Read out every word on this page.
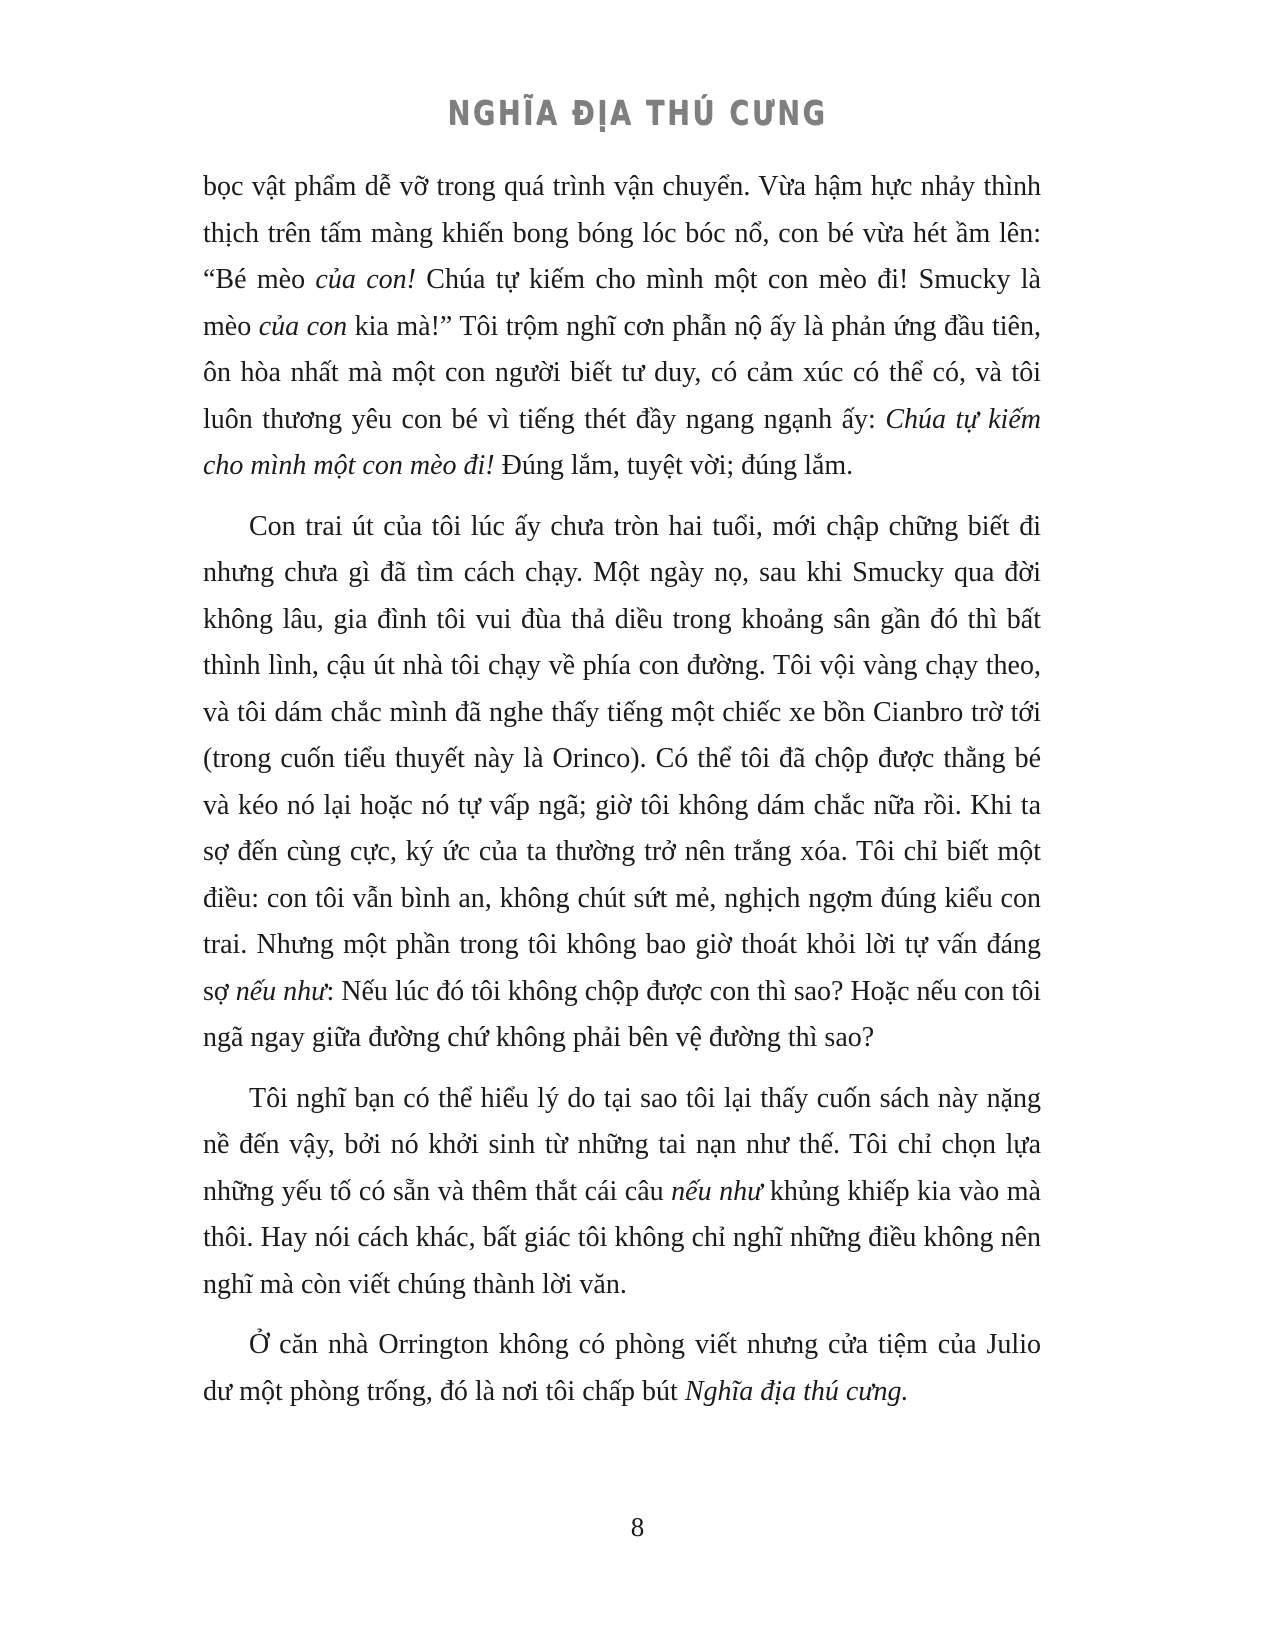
NGHĨA ĐỊA THÚ CƯNG

bọc vật phẩm dễ vỡ trong quá trình vận chuyển. Vừa hậm hực nhảy thình thịch trên tấm màng khiến bong bóng lóc bóc nổ, con bé vừa hét ầm lên: “Bé mèo của con! Chúa tự kiếm cho mình một con mèo đi! Smucky là mèo của con kia mà!” Tôi trộm nghĩ cơn phẫn nộ ấy là phản ứng đầu tiên, ôn hòa nhất mà một con người biết tư duy, có cảm xúc có thể có, và tôi luôn thương yêu con bé vì tiếng thét đầy ngang ngạnh ấy: Chúa tự kiếm cho mình một con mèo đi! Đúng lắm, tuyệt vời; đúng lắm.

Con trai út của tôi lúc ấy chưa tròn hai tuổi, mới chập chững biết đi nhưng chưa gì đã tìm cách chạy. Một ngày nọ, sau khi Smucky qua đời không lâu, gia đình tôi vui đùa thả diều trong khoảng sân gần đó thì bất thình lình, cậu út nhà tôi chạy về phía con đường. Tôi vội vàng chạy theo, và tôi dám chắc mình đã nghe thấy tiếng một chiếc xe bồn Cianbro trờ tới (trong cuốn tiểu thuyết này là Orinco). Có thể tôi đã chộp được thằng bé và kéo nó lại hoặc nó tự vấp ngã; giờ tôi không dám chắc nữa rồi. Khi ta sợ đến cùng cực, ký ức của ta thường trở nên trắng xóa. Tôi chỉ biết một điều: con tôi vẫn bình an, không chút sứt mẻ, nghịch ngợm đúng kiểu con trai. Nhưng một phần trong tôi không bao giờ thoát khỏi lời tự vấn đáng sợ nếu như: Nếu lúc đó tôi không chộp được con thì sao? Hoặc nếu con tôi ngã ngay giữa đường chứ không phải bên vệ đường thì sao?

Tôi nghĩ bạn có thể hiểu lý do tại sao tôi lại thấy cuốn sách này nặng nề đến vậy, bởi nó khởi sinh từ những tai nạn như thế. Tôi chỉ chọn lựa những yếu tố có sẵn và thêm thắt cái câu nếu như khủng khiếp kia vào mà thôi. Hay nói cách khác, bất giác tôi không chỉ nghĩ những điều không nên nghĩ mà còn viết chúng thành lời văn.

Ở căn nhà Orrington không có phòng viết nhưng cửa tiệm của Julio dư một phòng trống, đó là nơi tôi chấp bút Nghĩa địa thú cưng.

8
